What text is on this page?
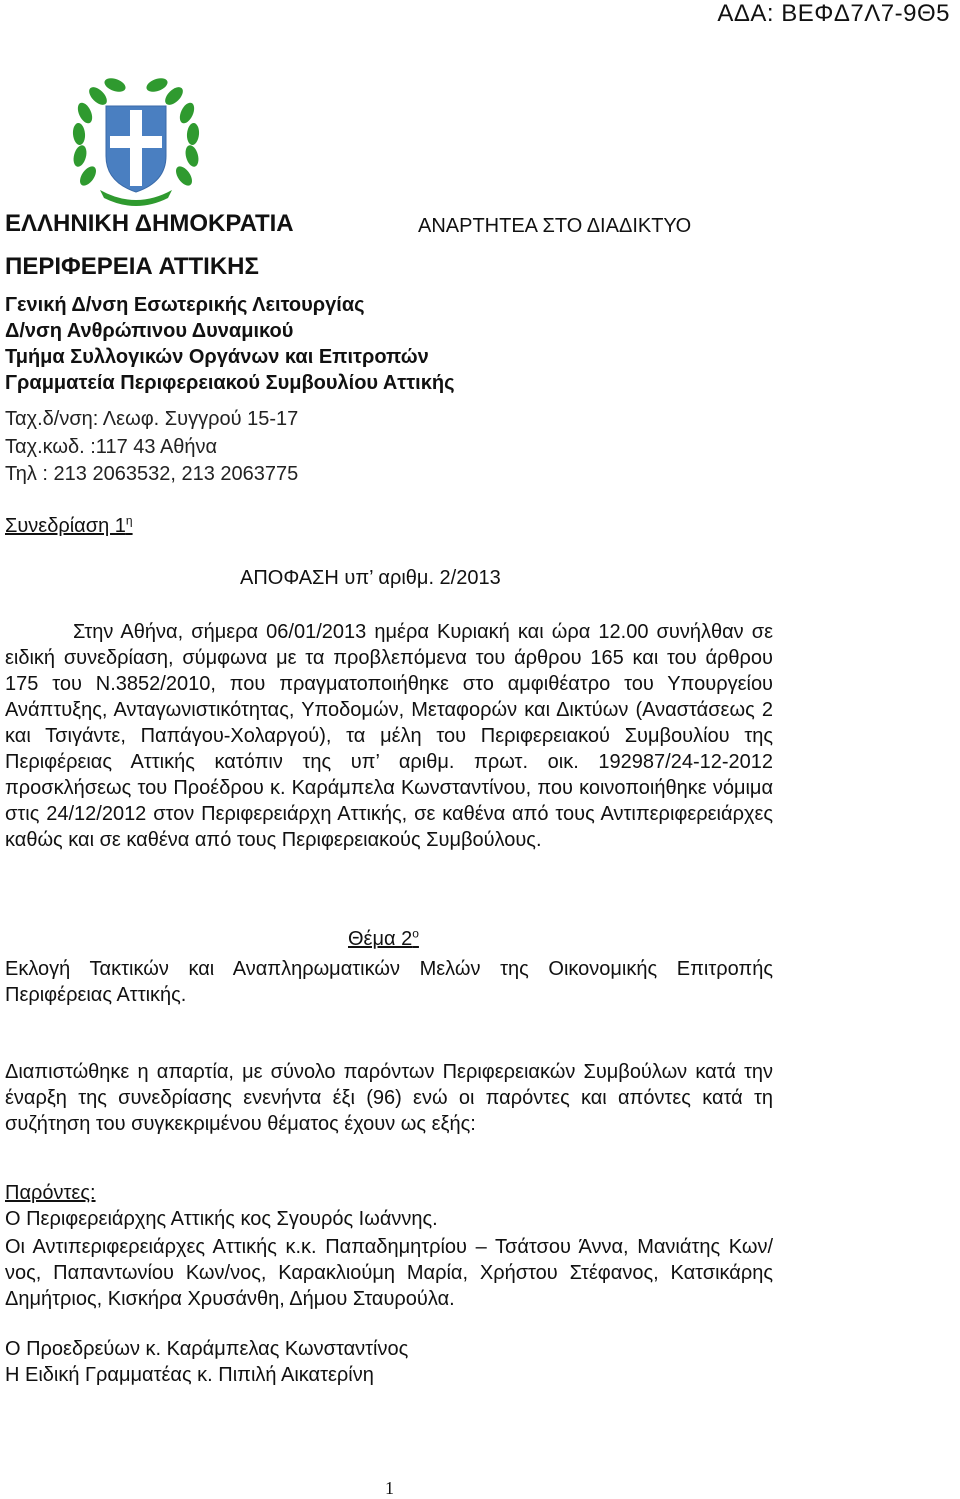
ΑΔΑ: ΒΕΦΔ7Λ7-9Θ5
ΕΛΛΗΝΙΚΗ ΔΗΜΟΚΡΑΤΙΑ	ΑΝΑΡΤΗΤΕΑ ΣΤΟ ΔΙΑΔΙΚΤΥΟ
ΠΕΡΙΦΕΡΕΙΑ ΑΤΤΙΚΗΣ
Γενική Δ/νση Εσωτερικής Λειτουργίας
Δ/νση Ανθρώπινου Δυναμικού
Τμήμα Συλλογικών Οργάνων και Επιτροπών
Γραμματεία Περιφερειακού Συμβουλίου Αττικής
Ταχ.δ/νση: Λεωφ. Συγγρού 15-17
Ταχ.κωδ. :117 43 Αθήνα
Τηλ : 213 2063532, 213 2063775
Συνεδρίαση $1^\eta$
ΑΠΟΦΑΣΗ υπ’ αριθμ. 2/2013
Στην Αθήνα, σήμερα 06/01/2013 ημέρα Κυριακή και ώρα 12.00 συνήλθαν σε ειδική συνεδρίαση, σύμφωνα με τα προβλεπόμενα του άρθρου 165 και του άρθρου 175 του Ν.3852/2010, που πραγματοποιήθηκε στο αμφιθέατρο του Υπουργείου Ανάπτυξης, Ανταγωνιστικότητας, Υποδομών, Μεταφορών και Δικτύων (Αναστάσεως 2 και Τσιγάντε, Παπάγου-Χολαργού), τα μέλη του Περιφερειακού Συμβουλίου της Περιφέρειας Αττικής κατόπιν της υπ’ αριθμ. πρωτ. οικ. 192987/24-12-2012 προσκλήσεως του Προέδρου κ. Καράμπελα Κωνσταντίνου, που κοινοποιήθηκε νόμιμα στις 24/12/2012 στον Περιφερειάρχη Αττικής, σε καθένα από τους Αντιπεριφερειάρχες καθώς και σε καθένα από τους Περιφερειακούς Συμβούλους.
Θέμα $2^o$
Εκλογή Τακτικών και Αναπληρωματικών Μελών της Οικονομικής Επιτροπής Περιφέρειας Αττικής.
Διαπιστώθηκε η απαρτία, με σύνολο παρόντων Περιφερειακών Συμβούλων κατά την έναρξη της συνεδρίασης ενενήντα έξι (96) ενώ οι παρόντες και απόντες κατά τη συζήτηση του συγκεκριμένου θέματος έχουν ως εξής:
Παρόντες:
Ο Περιφερειάρχης Αττικής κος Σγουρός Ιωάννης.
Οι Αντιπεριφερειάρχες Αττικής κ.κ. Παπαδημητρίου – Τσάτσου Άννα, Μανιάτης Κων/νος, Παπαντωνίου Κων/νος, Καρακλιούμη Μαρία, Χρήστου Στέφανος, Κατσικάρης Δημήτριος, Κισκήρα Χρυσάνθη, Δήμου Σταυρούλα.
Ο Προεδρεύων κ. Καράμπελας Κωνσταντίνος
Η Ειδική Γραμματέας κ. Πιπιλή Αικατερίνη
1
